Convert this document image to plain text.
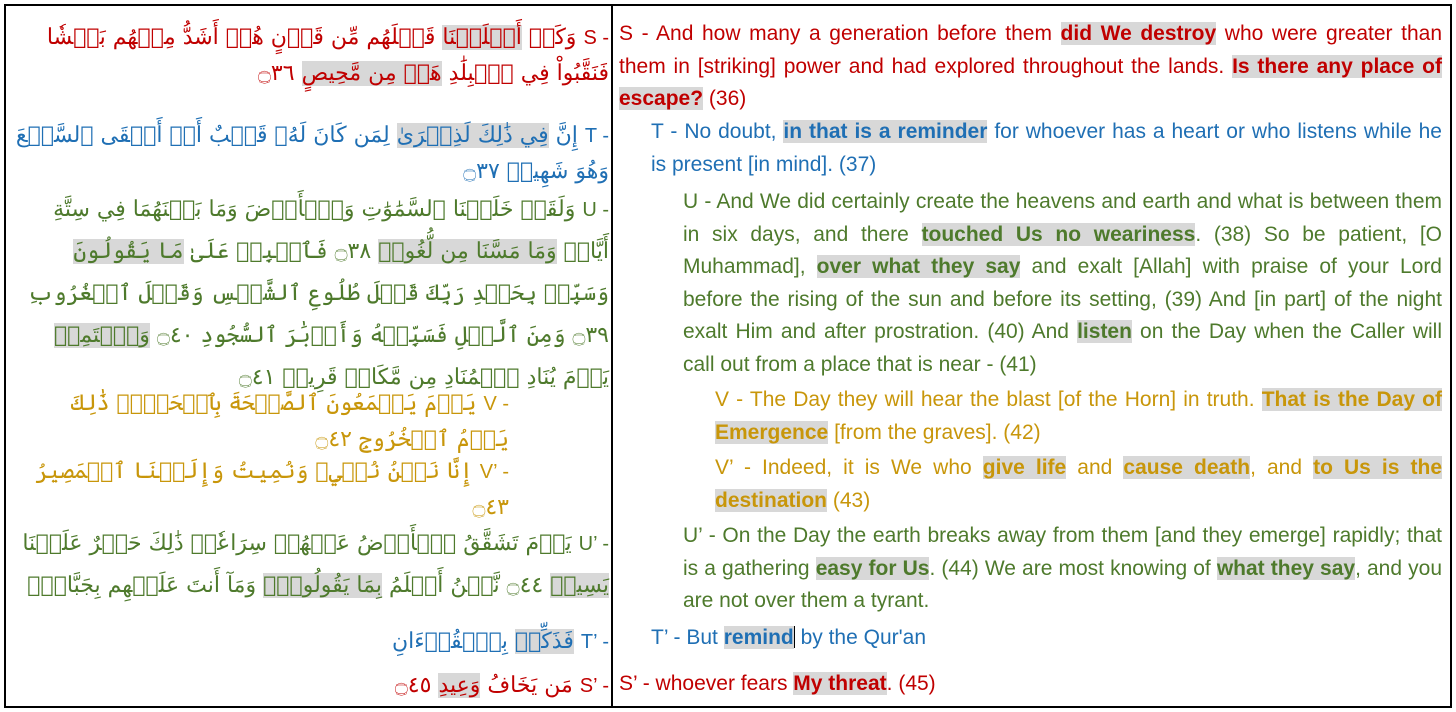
S - وَكَمۡ أَهۡلَكۡنَا قَبۡلَهُم مِّن قَرۡنٍ هُمۡ أَشَدُّ مِنۡهُم بَطۡشٗا فَنَقَّبُواْ فِي ٱلۡبِلَٰدِ هَلۡ مِن مَّحِيصٍ ۝٣٦
T - إِنَّ فِي ذَٰلِكَ لَذِكۡرَىٰ لِمَن كَانَ لَهُۥ قَلۡبٌ أَوۡ أَلۡقَى ٱلسَّمۡعَ وَهُوَ شَهِيدٞ ۝٣٧
U - وَلَقَدۡ خَلَقۡنَا ٱلسَّمَٰوَٰتِ وَٱلۡأَرۡضَ وَمَا بَيۡنَهُمَا فِي سِتَّةِ أَيَّامٖ وَمَا مَسَّنَا مِن لُّغُوبٖ ۝٣٨ فَٱصۡبِرۡ عَلَىٰ مَا يَقُولُونَ وَسَبِّحۡ بِحَمۡدِ رَبِّكَ قَبۡلَ طُلُوعِ ٱلشَّمۡسِ وَقَبۡلَ ٱلۡغُرُوبِ ۝٣٩ وَمِنَ ٱلَّيۡلِ فَسَبِّحۡهُ وَأَدۡبَٰرَ ٱلسُّجُودِ ۝٤٠ وَٱسۡتَمِعۡ يَوۡمَ يُنَادِ ٱلۡمُنَادِ مِن مَّكَانٖ قَرِيبٖ ۝٤١
V - يَوۡمَ يَسۡمَعُونَ ٱلصَّيۡحَةَ بِٱلۡحَقِّۚ ذَٰلِكَ يَوۡمُ ٱلۡخُرُوجِ ۝٤٢
V’ - إِنَّا نَحۡنُ نُحۡيِۦ وَنُمِيتُ وَإِلَيۡنَا ٱلۡمَصِيرُ ۝٤٣
U’ - يَوۡمَ تَشَقَّقُ ٱلۡأَرۡضُ عَنۡهُمۡ سِرَاعٗاۚ ذَٰلِكَ حَشۡرٌ عَلَيۡنَا يَسِيرٞ ۝٤٤ نَّحۡنُ أَعۡلَمُ بِمَا يَقُولُونَۖ وَمَآ أَنتَ عَلَيۡهِم بِجَبَّارٖۖ
T’ - فَذَكِّرۡ بِٱلۡقُرۡءَانِ
S’ - مَن يَخَافُ وَعِيدِ ۝٤٥
S - And how many a generation before them did We destroy who were greater than them in [striking] power and had explored throughout the lands. Is there any place of escape? (36)
T - No doubt, in that is a reminder for whoever has a heart or who listens while he is present [in mind]. (37)
U - And We did certainly create the heavens and earth and what is between them in six days, and there touched Us no weariness. (38) So be patient, [O Muhammad], over what they say and exalt [Allah] with praise of your Lord before the rising of the sun and before its setting, (39) And [in part] of the night exalt Him and after prostration. (40) And listen on the Day when the Caller will call out from a place that is near - (41)
V - The Day they will hear the blast [of the Horn] in truth. That is the Day of Emergence [from the graves]. (42)
V’ - Indeed, it is We who give life and cause death, and to Us is the destination (43)
U’ - On the Day the earth breaks away from them [and they emerge] rapidly; that is a gathering easy for Us. (44) We are most knowing of what they say, and you are not over them a tyrant.
T’ - But remind by the Qur'an
S’ - whoever fears My threat. (45)
